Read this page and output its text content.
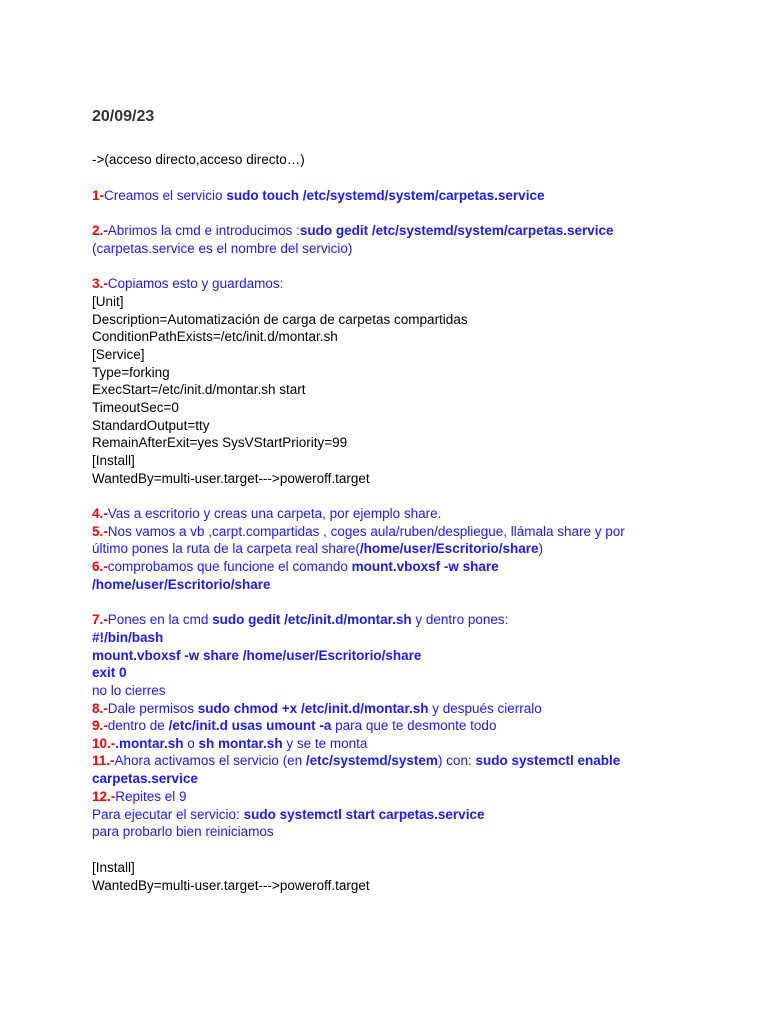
20/09/23
->(acceso directo,acceso directo…)
1-Creamos el servicio sudo touch /etc/systemd/system/carpetas.service
2.-Abrimos la cmd e introducimos :sudo gedit /etc/systemd/system/carpetas.service
(carpetas.service es el nombre del servicio)
3.-Copiamos esto y guardamos:
[Unit]
Description=Automatización de carga de carpetas compartidas
ConditionPathExists=/etc/init.d/montar.sh
[Service]
Type=forking
ExecStart=/etc/init.d/montar.sh start
TimeoutSec=0
StandardOutput=tty
RemainAfterExit=yes SysVStartPriority=99
[Install]
WantedBy=multi-user.target--->poweroff.target
4.-Vas a escritorio y creas una carpeta, por ejemplo share.
5.-Nos vamos a vb ,carpt.compartidas , coges aula/ruben/despliegue, llámala share y por
último pones la ruta de la carpeta real share(/home/user/Escritorio/share)
6.-comprobamos que funcione el comando mount.vboxsf -w share
/home/user/Escritorio/share
7.-Pones en la cmd sudo gedit /etc/init.d/montar.sh y dentro pones:
#!/bin/bash
mount.vboxsf -w share /home/user/Escritorio/share
exit 0
no lo cierres
8.-Dale permisos sudo chmod +x /etc/init.d/montar.sh y después cierralo
9.-dentro de /etc/init.d usas umount -a para que te desmonte todo
10.-.montar.sh o sh montar.sh y se te monta
11.-Ahora activamos el servicio (en /etc/systemd/system) con: sudo systemctl enable
carpetas.service
12.-Repites el 9
Para ejecutar el servicio: sudo systemctl start carpetas.service
para probarlo bien reiniciamos
[Install]
WantedBy=multi-user.target--->poweroff.target
